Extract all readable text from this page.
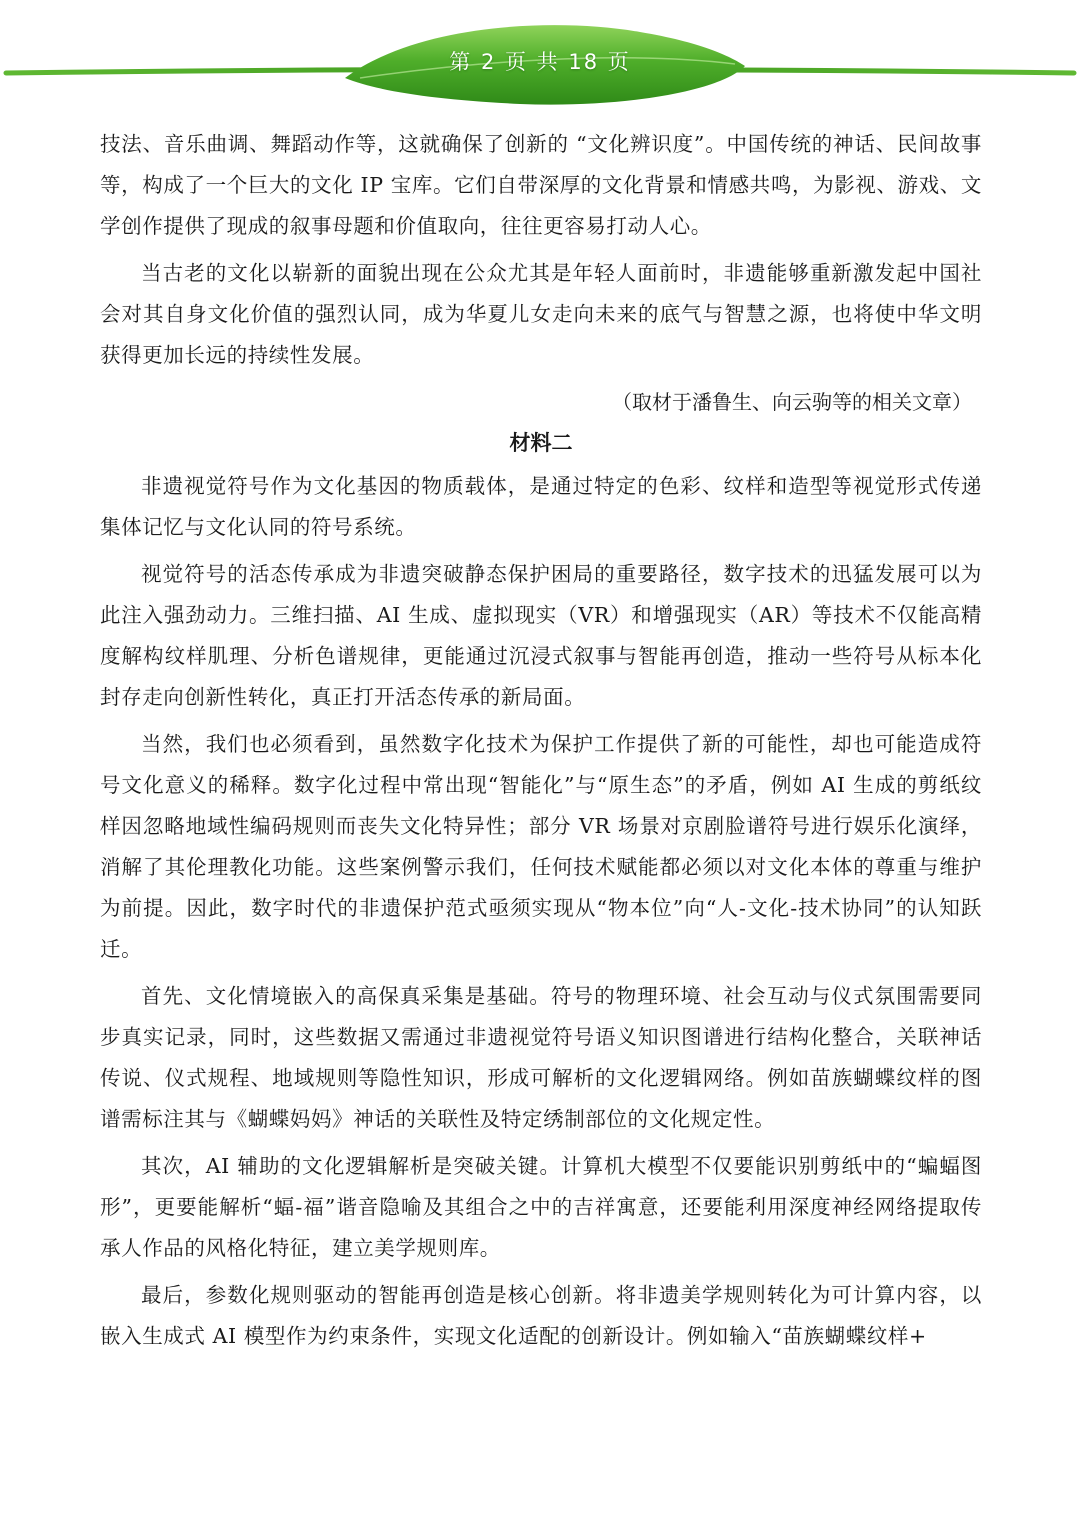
第 2 页 共 18 页

技法、音乐曲调、舞蹈动作等，这就确保了创新的 “文化辨识度”。中国传统的神话、民间故事等，构成了一个巨大的文化 IP 宝库。它们自带深厚的文化背景和情感共鸣，为影视、游戏、文学创作提供了现成的叙事母题和价值取向，往往更容易打动人心。

当古老的文化以崭新的面貌出现在公众尤其是年轻人面前时，非遗能够重新激发起中国社会对其自身文化价值的强烈认同，成为华夏儿女走向未来的底气与智慧之源，也将使中华文明获得更加长远的持续性发展。

（取材于潘鲁生、向云驹等的相关文章）

材料二

非遗视觉符号作为文化基因的物质载体，是通过特定的色彩、纹样和造型等视觉形式传递集体记忆与文化认同的符号系统。

视觉符号的活态传承成为非遗突破静态保护困局的重要路径，数字技术的迅猛发展可以为此注入强劲动力。三维扫描、AI 生成、虚拟现实（VR）和增强现实（AR）等技术不仅能高精度解构纹样肌理、分析色谱规律，更能通过沉浸式叙事与智能再创造，推动一些符号从标本化封存走向创新性转化，真正打开活态传承的新局面。

当然，我们也必须看到，虽然数字化技术为保护工作提供了新的可能性，却也可能造成符号文化意义的稀释。数字化过程中常出现“智能化”与“原生态”的矛盾，例如 AI 生成的剪纸纹样因忽略地域性编码规则而丧失文化特异性；部分 VR 场景对京剧脸谱符号进行娱乐化演绎，消解了其伦理教化功能。这些案例警示我们，任何技术赋能都必须以对文化本体的尊重与维护为前提。因此，数字时代的非遗保护范式亟须实现从“物本位”向“人-文化-技术协同”的认知跃迁。

首先、文化情境嵌入的高保真采集是基础。符号的物理环境、社会互动与仪式氛围需要同步真实记录，同时，这些数据又需通过非遗视觉符号语义知识图谱进行结构化整合，关联神话传说、仪式规程、地域规则等隐性知识，形成可解析的文化逻辑网络。例如苗族蝴蝶纹样的图谱需标注其与《蝴蝶妈妈》神话的关联性及特定绣制部位的文化规定性。

其次，AI 辅助的文化逻辑解析是突破关键。计算机大模型不仅要能识别剪纸中的“蝙蝠图形”，更要能解析“蝠-福”谐音隐喻及其组合之中的吉祥寓意，还要能利用深度神经网络提取传承人作品的风格化特征，建立美学规则库。

最后，参数化规则驱动的智能再创造是核心创新。将非遗美学规则转化为可计算内容，以嵌入生成式 AI 模型作为约束条件，实现文化适配的创新设计。例如输入“苗族蝴蝶纹样+
